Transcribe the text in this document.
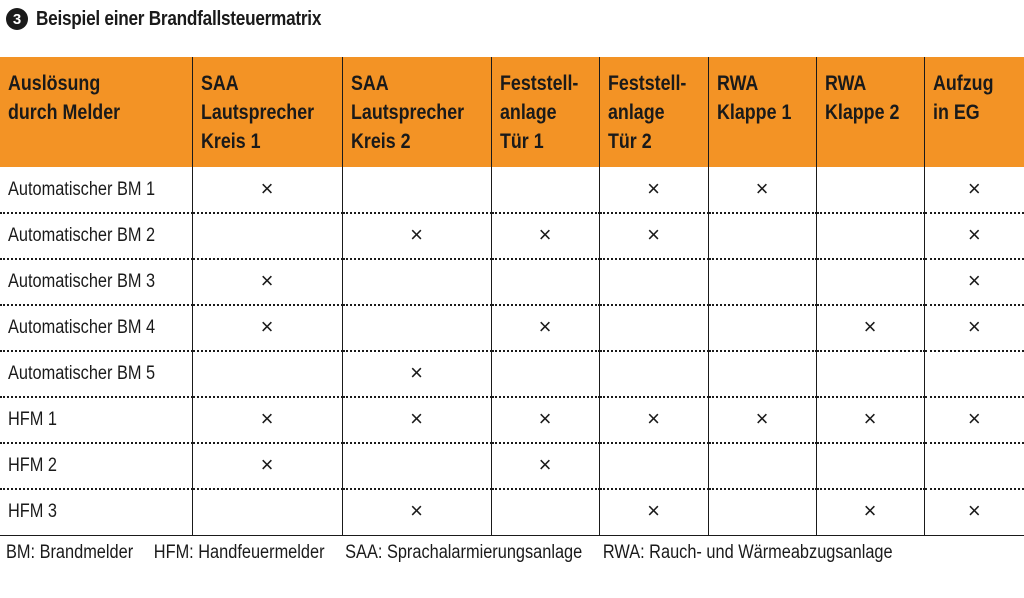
3 Beispiel einer Brandfallsteuermatrix
Auslösung
durch Melder	SAA
Lautsprecher
Kreis 1	SAA
Lautsprecher
Kreis 2	Feststell-
anlage
Tür 1	Feststell-
anlage
Tür 2	RWA
Klappe 1	RWA
Klappe 2	Aufzug
in EG

Automatischer BM 1	×			×	×		×
Automatischer BM 2		×	×	×			×
Automatischer BM 3	×						×
Automatischer BM 4	×		×			×	×
Automatischer BM 5		×					
HFM 1	×	×	×	×	×	×	×
HFM 2	×		×				
HFM 3		×		×		×	×
BM: Brandmelder HFM: Handfeuermelder SAA: Sprachalarmierungsanlage RWA: Rauch- und Wärmeabzugsanlage
